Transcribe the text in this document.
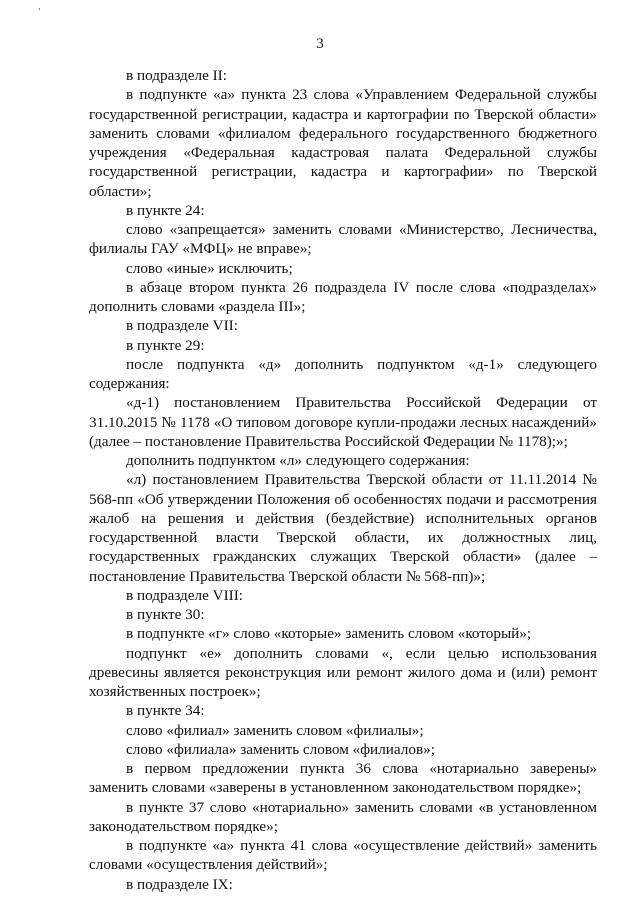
,
3

в подразделе II:

в подпункте «а» пункта 23 слова «Управлением Федеральной службы государственной регистрации, кадастра и картографии по Тверской области» заменить словами «филиалом федерального государственного бюджетного учреждения «Федеральная кадастровая палата Федеральной службы государственной регистрации, кадастра и картографии» по Тверской области»;

в пункте 24:

слово «запрещается» заменить словами «Министерство, Лесничества, филиалы ГАУ «МФЦ» не вправе»;

слово «иные» исключить;

в абзаце втором пункта 26 подраздела IV после слова «подразделах» дополнить словами «раздела III»;

в подразделе VII:

в пункте 29:

после подпункта «д» дополнить подпунктом «д-1» следующего содержания:

«д-1) постановлением Правительства Российской Федерации от 31.10.2015 № 1178 «О типовом договоре купли-продажи лесных насаждений» (далее – постановление Правительства Российской Федерации № 1178);»;

дополнить подпунктом «л» следующего содержания:

«л) постановлением Правительства Тверской области от 11.11.2014 № 568-пп «Об утверждении Положения об особенностях подачи и рассмотрения жалоб на решения и действия (бездействие) исполнительных органов государственной власти Тверской области, их должностных лиц, государственных гражданских служащих Тверской области» (далее – постановление Правительства Тверской области № 568-пп)»;

в подразделе VIII:

в пункте 30:

в подпункте «г» слово «которые» заменить словом «который»;

подпункт «е» дополнить словами «, если целью использования древесины является реконструкция или ремонт жилого дома и (или) ремонт хозяйственных построек»;

в пункте 34:

слово «филиал» заменить словом «филиалы»;

слово «филиала» заменить словом «филиалов»;

в первом предложении пункта 36 слова «нотариально заверены» заменить словами «заверены в установленном законодательством порядке»;

в пункте 37 слово «нотариально» заменить словами «в установленном законодательством порядке»;

в подпункте «а» пункта 41 слова «осуществление действий» заменить словами «осуществления действий»;

в подразделе IX:
